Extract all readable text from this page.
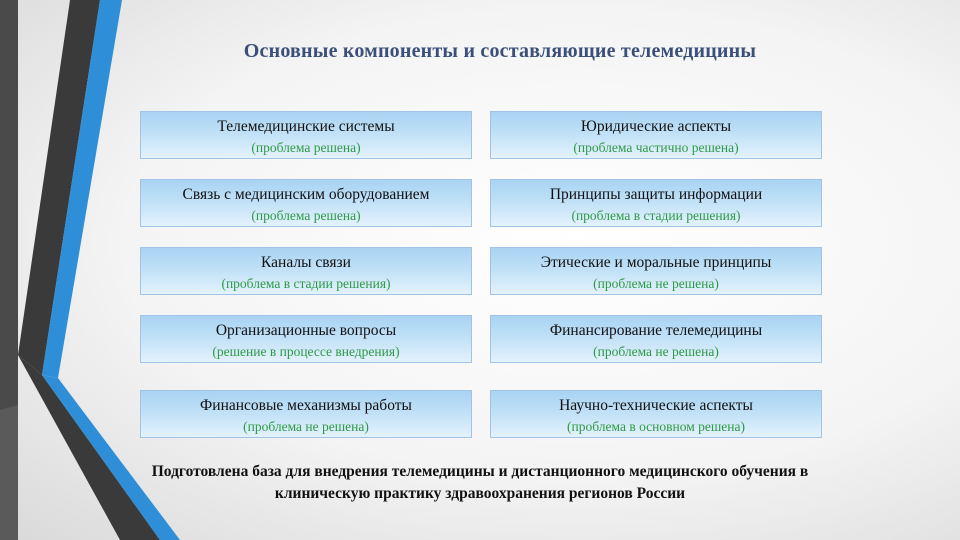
Основные компоненты и составляющие телемедицины
Телемедицинские системы
(проблема решена)
Юридические аспекты
(проблема частично решена)
Связь с медицинским оборудованием
(проблема решена)
Принципы защиты информации
(проблема в стадии решения)
Каналы связи
(проблема в стадии решения)
Этические и моральные принципы
(проблема не решена)
Организационные вопросы
(решение в процессе внедрения)
Финансирование телемедицины
(проблема не решена)
Финансовые механизмы работы
(проблема не решена)
Научно-технические аспекты
(проблема в основном решена)
Подготовлена база для внедрения телемедицины и дистанционного медицинского обучения в клиническую практику здравоохранения регионов России
